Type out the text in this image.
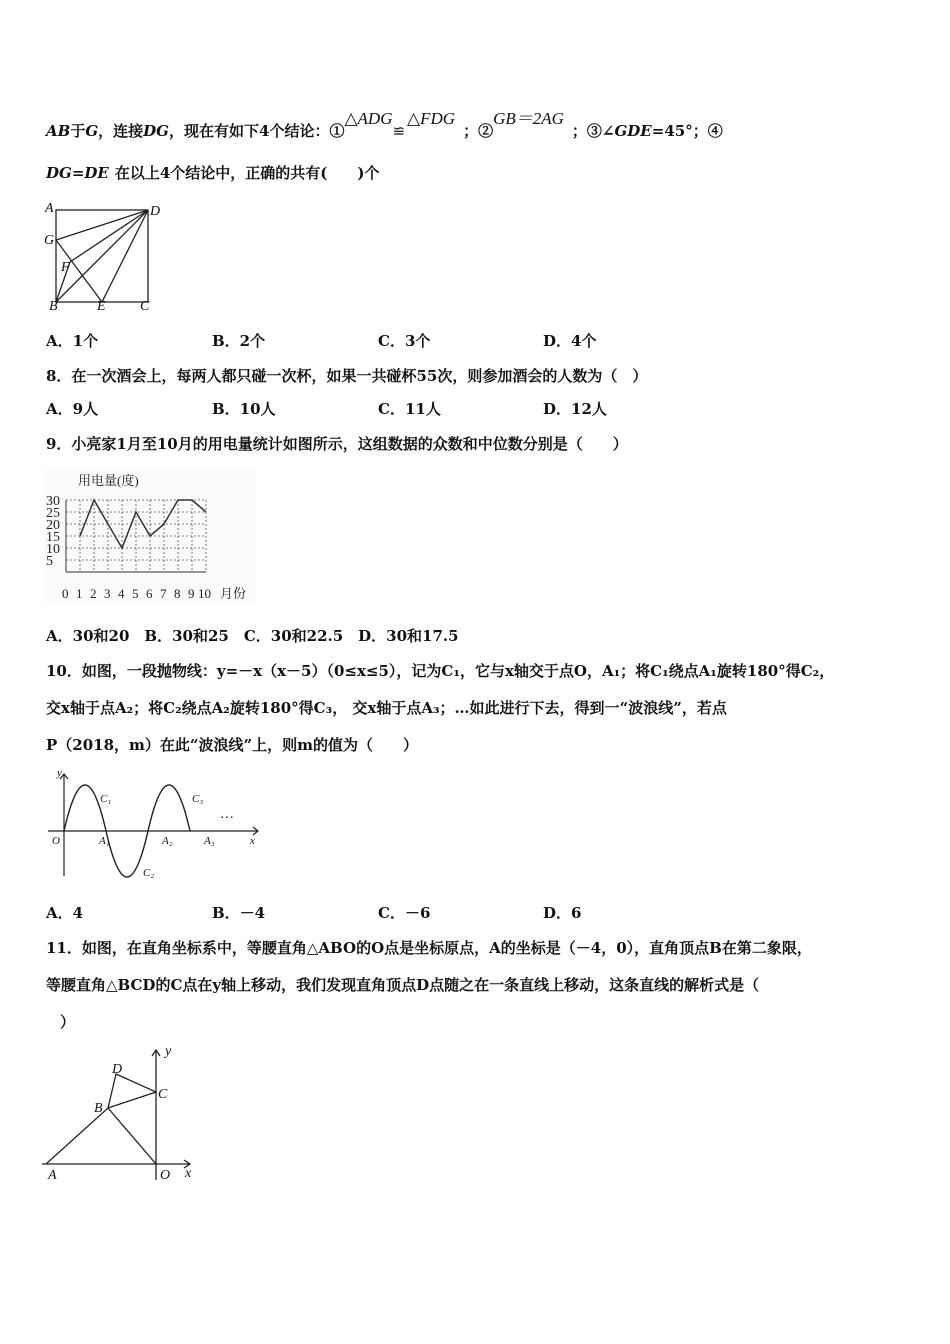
AB于G，连接DG，现在有如下4个结论：①△ADG≌△FDG；②GB＝2AG；③∠GDE=45°；④
DG=DE 在以上4个结论中，正确的共有(　　)个
A	D
G
F
B	E C
A．1个	B．2个	C．3个	D．4个
8．在一次酒会上，每两人都只碰一次杯，如果一共碰杯55次，则参加酒会的人数为（　）
A．9人	B．10人	C．11人	D．12人
9．小亮家1月至10月的用电量统计如图所示，这组数据的众数和中位数分别是（　　）
用电量(度)
30
25
20
15
10
5
0 1 2 3 4 5 6 7 8 9 10 月份
A．30和20　B．30和25　C．30和22.5　D．30和17.5
10．如图，一段抛物线：y=－x（x－5）（0≤x≤5），记为C₁，它与x轴交于点O，A₁；将C₁绕点A₁旋转180°得C₂，
交x轴于点A₂；将C₂绕点A₂旋转180°得C₃， 交x轴于点A₃；…如此进行下去，得到一“波浪线”，若点
P（2018，m）在此“波浪线”上，则m的值为（　　）
y
x
O	A₁	A₂	A₃
C₁
C₂
C₃
…
A．4	B．－4	C．－6	D．6
11．如图，在直角坐标系中，等腰直角△ABO的O点是坐标原点，A的坐标是（－4，0），直角顶点B在第二象限，
等腰直角△BCD的C点在y轴上移动，我们发现直角顶点D点随之在一条直线上移动，这条直线的解析式是（
）
D
C
B
A	O x
y
